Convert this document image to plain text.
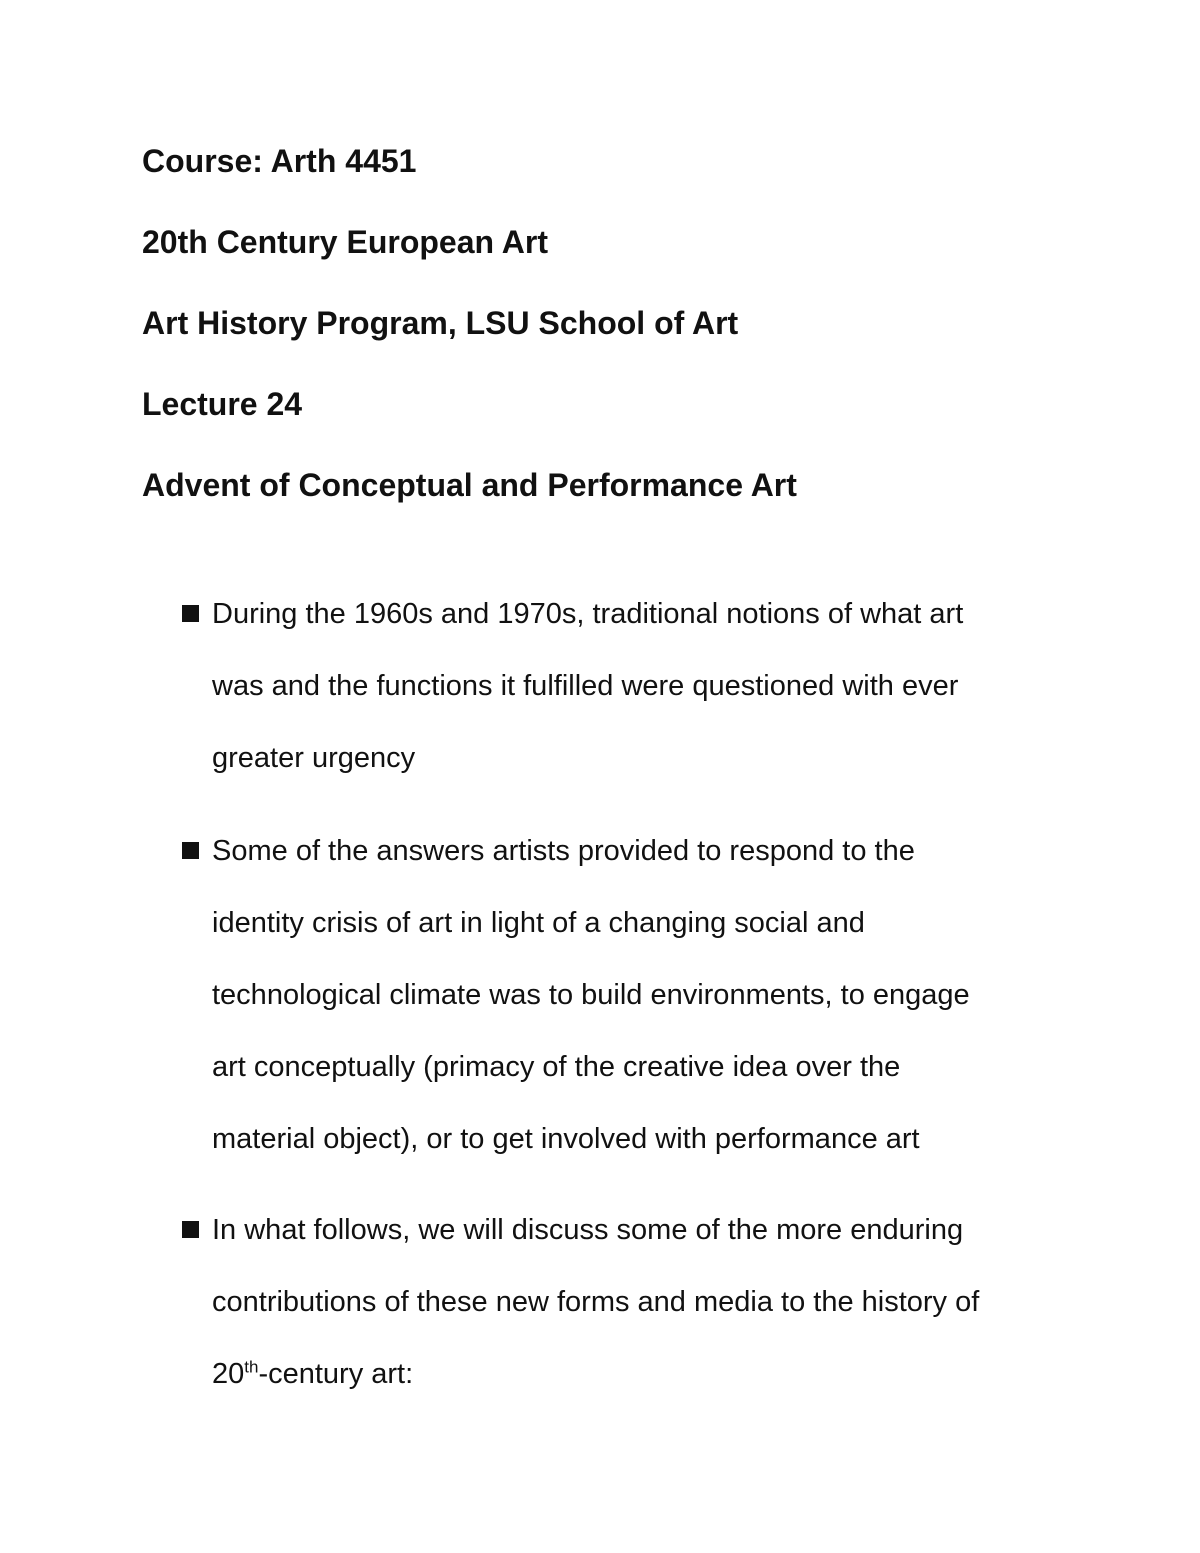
Course: Arth 4451
20th Century European Art
Art History Program, LSU School of Art
Lecture 24
Advent of Conceptual and Performance Art

During the 1960s and 1970s, traditional notions of what art

was and the functions it fulfilled were questioned with ever

greater urgency

Some of the answers artists provided to respond to the

identity crisis of art in light of a changing social and

technological climate was to build environments, to engage

art conceptually (primacy of the creative idea over the

material object), or to get involved with performance art

In what follows, we will discuss some of the more enduring

contributions of these new forms and media to the history of

20th-century art:
